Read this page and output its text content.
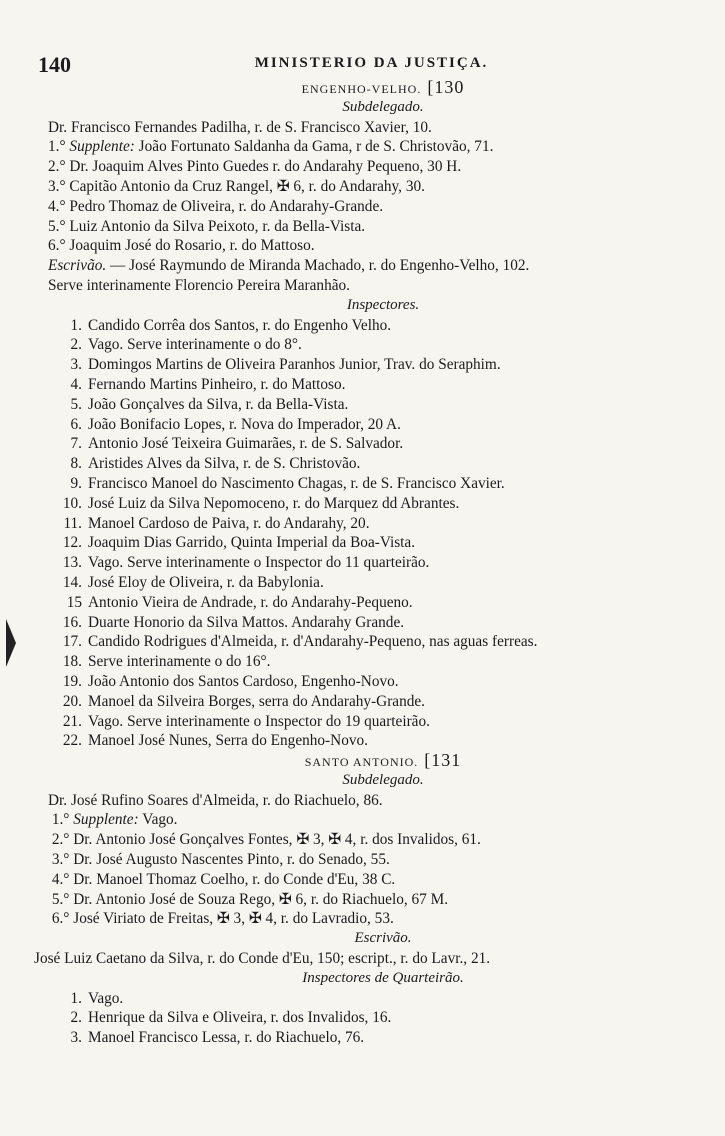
140	MINISTERIO DA JUSTIÇA.
ENGENHO-VELHO. [130
Subdelegado.
Dr. Francisco Fernandes Padilha, r. de S. Francisco Xavier, 10.
1.° Supplente: João Fortunato Saldanha da Gama, r de S. Christovão, 71.
2.° Dr. Joaquim Alves Pinto Guedes r. do Andarahy Pequeno, 30 H.
3.° Capitão Antonio da Cruz Rangel, ✠ 6, r. do Andarahy, 30.
4.° Pedro Thomaz de Oliveira, r. do Andarahy-Grande.
5.° Luiz Antonio da Silva Peixoto, r. da Bella-Vista.
6.° Joaquim José do Rosario, r. do Mattoso.
Escrivão. — José Raymundo de Miranda Machado, r. do Engenho-Velho, 102.
Serve interinamente Florencio Pereira Maranhão.
Inspectores.
1. Candido Corrêa dos Santos, r. do Engenho Velho.
2. Vago. Serve interinamente o do 8°.
3. Domingos Martins de Oliveira Paranhos Junior, Trav. do Seraphim.
4. Fernando Martins Pinheiro, r. do Mattoso.
5. João Gonçalves da Silva, r. da Bella-Vista.
6. João Bonifacio Lopes, r. Nova do Imperador, 20 A.
7. Antonio José Teixeira Guimarães, r. de S. Salvador.
8. Aristides Alves da Silva, r. de S. Christovão.
9. Francisco Manoel do Nascimento Chagas, r. de S. Francisco Xavier.
10. José Luiz da Silva Nepomoceno, r. do Marquez dd Abrantes.
11. Manoel Cardoso de Paiva, r. do Andarahy, 20.
12. Joaquim Dias Garrido, Quinta Imperial da Boa-Vista.
13. Vago. Serve interinamente o Inspector do 11 quarteirão.
14. José Eloy de Oliveira, r. da Babylonia.
15 Antonio Vieira de Andrade, r. do Andarahy-Pequeno.
16. Duarte Honorio da Silva Mattos. Andarahy Grande.
17. Candido Rodrigues d'Almeida, r. d'Andarahy-Pequeno, nas aguas ferreas.
18. Serve interinamente o do 16°.
19. João Antonio dos Santos Cardoso, Engenho-Novo.
20. Manoel da Silveira Borges, serra do Andarahy-Grande.
21. Vago. Serve interinamente o Inspector do 19 quarteirão.
22. Manoel José Nunes, Serra do Engenho-Novo.
SANTO ANTONIO. [131
Subdelegado.
Dr. José Rufino Soares d'Almeida, r. do Riachuelo, 86.
1.° Supplente: Vago.
2.° Dr. Antonio José Gonçalves Fontes, ✠ 3, ✠ 4, r. dos Invalidos, 61.
3.° Dr. José Augusto Nascentes Pinto, r. do Senado, 55.
4.° Dr. Manoel Thomaz Coelho, r. do Conde d'Eu, 38 C.
5.° Dr. Antonio José de Souza Rego, ✠ 6, r. do Riachuelo, 67 M.
6.° José Viriato de Freitas, ✠ 3, ✠ 4, r. do Lavradio, 53.
Escrivão.
José Luiz Caetano da Silva, r. do Conde d'Eu, 150; escript., r. do Lavr., 21.
Inspectores de Quarteirão.
1. Vago.
2. Henrique da Silva e Oliveira, r. dos Invalidos, 16.
3. Manoel Francisco Lessa, r. do Riachuelo, 76.
